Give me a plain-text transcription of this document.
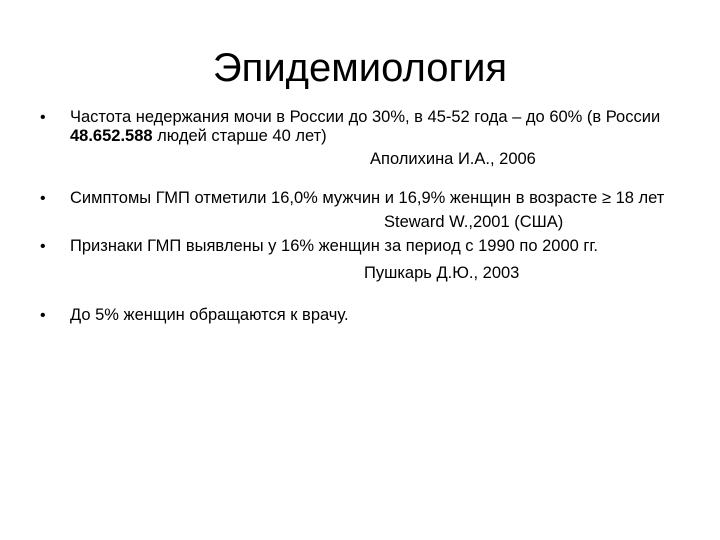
Эпидемиология
•	Частота недержания мочи в России до 30%, в 45-52 года – до 60% (в России 48.652.588 людей старше 40 лет)
Аполихина И.А., 2006
•	Симптомы ГМП отметили 16,0% мужчин и 16,9% женщин в возрасте ≥ 18 лет
Steward W.,2001 (США)
•	Признаки ГМП выявлены у 16% женщин за период с 1990 по 2000 гг.
Пушкарь Д.Ю., 2003
•	До 5% женщин обращаются к врачу.
